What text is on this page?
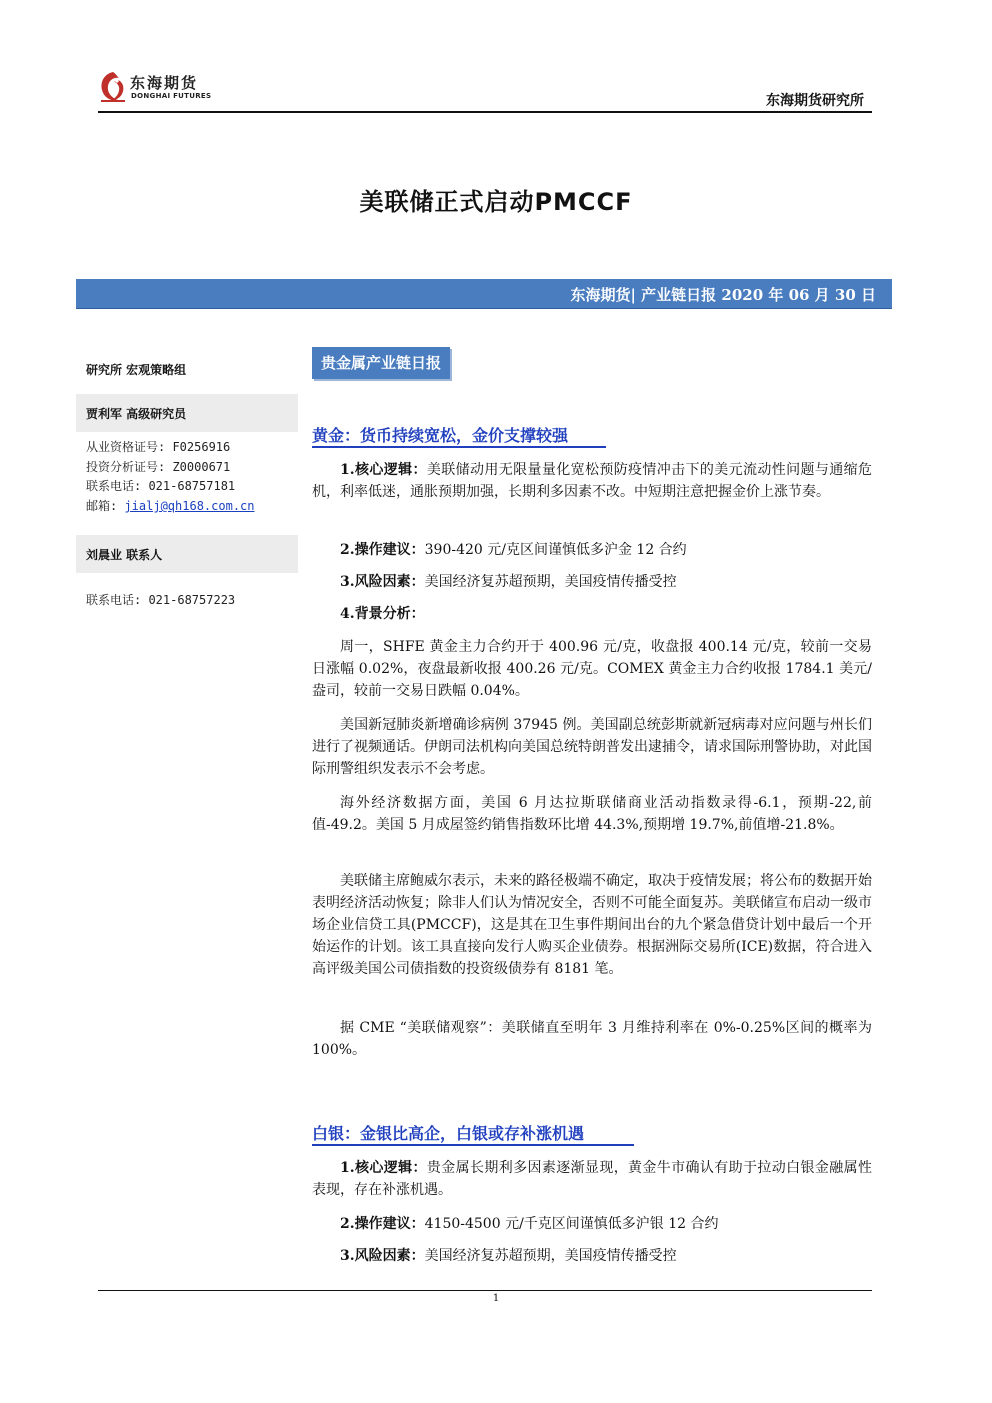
东海期货
DONGHAI FUTURES	东海期货研究所
美联储正式启动PMCCF
东海期货| 产业链日报 2020 年 06 月 30 日
研究所 宏观策略组
贾利军 高级研究员
从业资格证号: F0256916
投资分析证号: Z0000671
联系电话: 021-68757181
邮箱: jialj@qh168.com.cn
刘晨业 联系人
联系电话: 021-68757223
贵金属产业链日报
黄金：货币持续宽松，金价支撑较强
1.核心逻辑：美联储动用无限量量化宽松预防疫情冲击下的美元流动性问题与通缩危机，利率低迷，通胀预期加强，长期利多因素不改。中短期注意把握金价上涨节奏。
2.操作建议：390-420 元/克区间谨慎低多沪金 12 合约
3.风险因素：美国经济复苏超预期，美国疫情传播受控
4.背景分析：
周一，SHFE 黄金主力合约开于 400.96 元/克，收盘报 400.14 元/克，较前一交易日涨幅 0.02%，夜盘最新收报 400.26 元/克。COMEX 黄金主力合约收报 1784.1 美元/盎司，较前一交易日跌幅 0.04%。
美国新冠肺炎新增确诊病例 37945 例。美国副总统彭斯就新冠病毒对应问题与州长们进行了视频通话。伊朗司法机构向美国总统特朗普发出逮捕令，请求国际刑警协助，对此国际刑警组织发表示不会考虑。
海外经济数据方面，美国 6 月达拉斯联储商业活动指数录得-6.1，预期-22,前值-49.2。美国 5 月成屋签约销售指数环比增 44.3%,预期增 19.7%,前值增-21.8%。
美联储主席鲍威尔表示，未来的路径极端不确定，取决于疫情发展；将公布的数据开始表明经济活动恢复；除非人们认为情况安全，否则不可能全面复苏。美联储宣布启动一级市场企业信贷工具(PMCCF)，这是其在卫生事件期间出台的九个紧急借贷计划中最后一个开始运作的计划。该工具直接向发行人购买企业债券。根据洲际交易所(ICE)数据，符合进入高评级美国公司债指数的投资级债券有 8181 笔。
据 CME “美联储观察”：美联储直至明年 3 月维持利率在 0%-0.25%区间的概率为 100%。
白银：金银比高企，白银或存补涨机遇
1.核心逻辑：贵金属长期利多因素逐渐显现，黄金牛市确认有助于拉动白银金融属性表现，存在补涨机遇。
2.操作建议：4150-4500 元/千克区间谨慎低多沪银 12 合约
3.风险因素：美国经济复苏超预期，美国疫情传播受控
1
